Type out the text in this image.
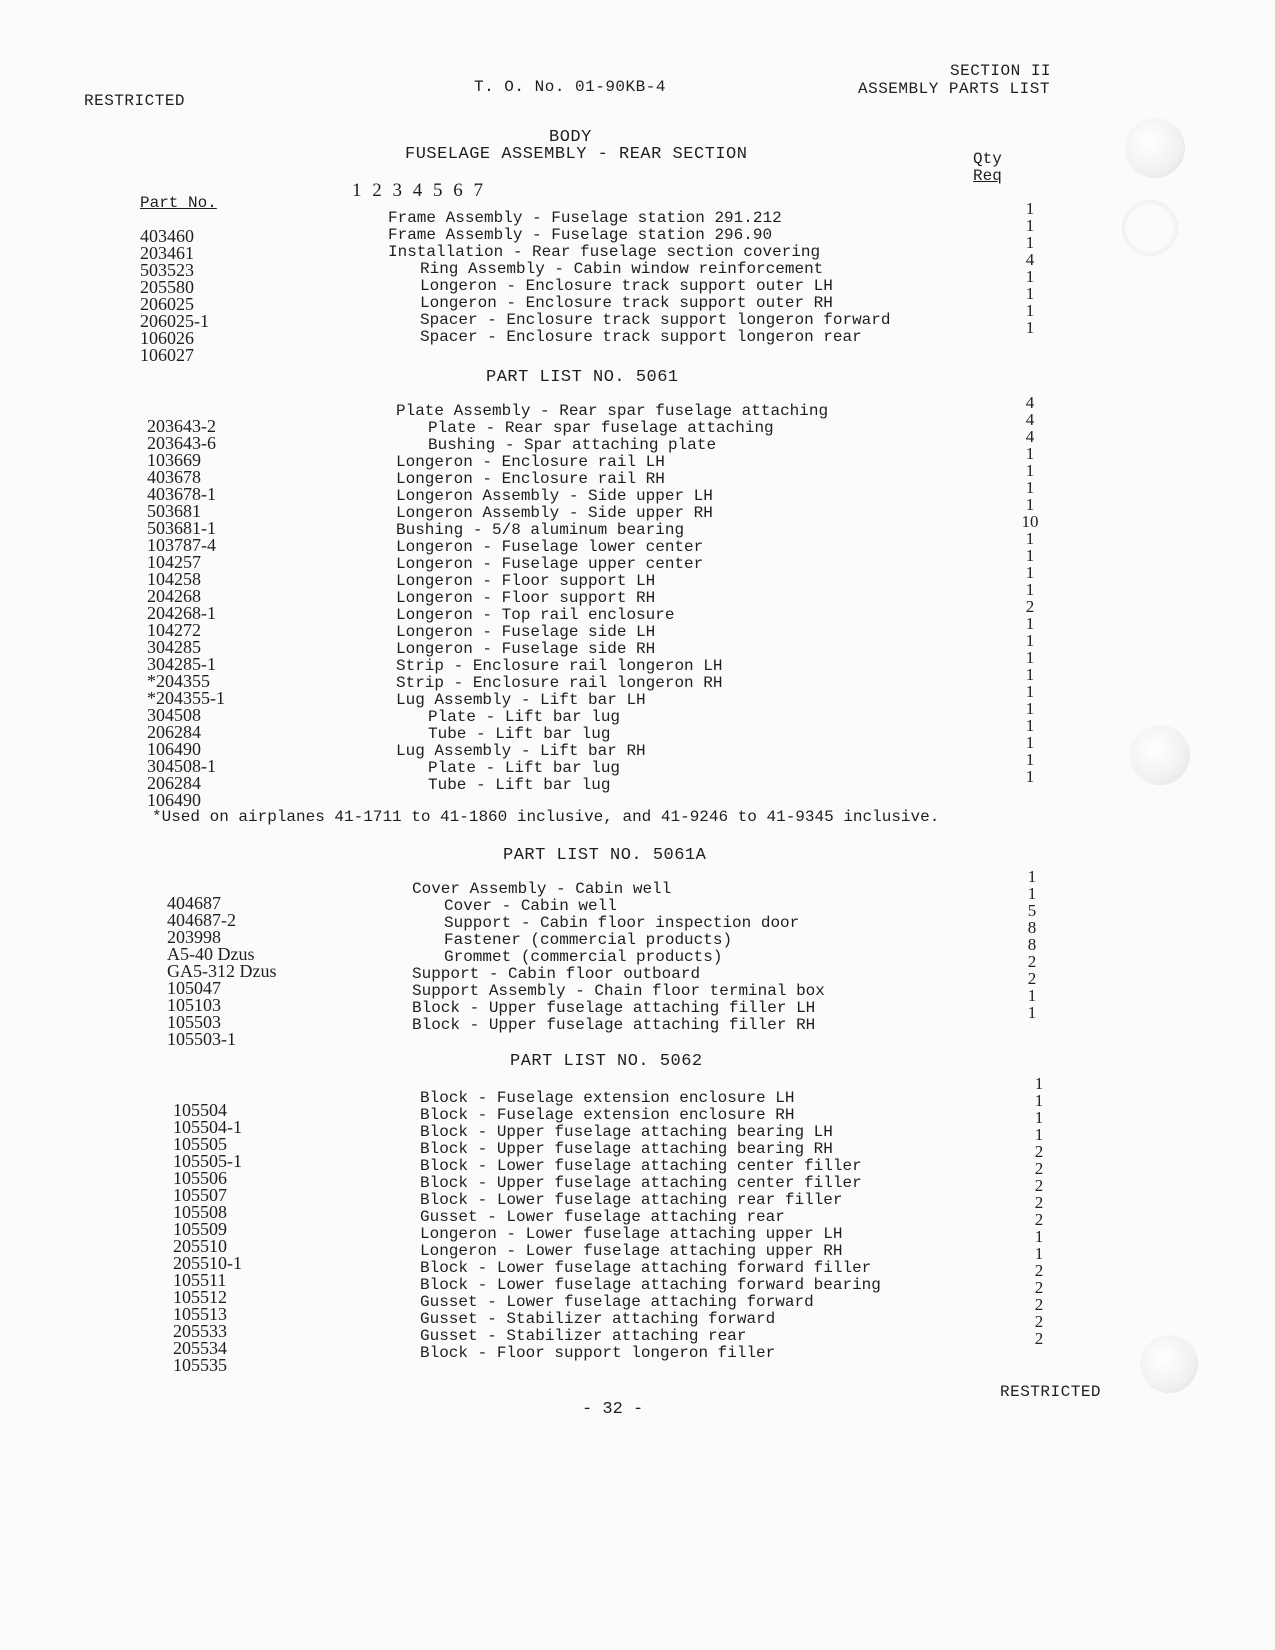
RESTRICTED
T. O. No. 01-90KB-4
SECTION II
ASSEMBLY PARTS LIST
BODY
FUSELAGE ASSEMBLY - REAR SECTION
Part No.
1 2 3 4 5 6 7
Qty
Req
403460
203461
503523
205580
206025
206025-1
106026
106027
Frame Assembly - Fuselage station 291.212
Frame Assembly - Fuselage station 296.90
Installation - Rear fuselage section covering
Ring Assembly - Cabin window reinforcement
Longeron - Enclosure track support outer LH
Longeron - Enclosure track support outer RH
Spacer - Enclosure track support longeron forward
Spacer - Enclosure track support longeron rear
1
1
1
4
1
1
1
1
PART LIST NO. 5061
203643-2
203643-6
103669
403678
403678-1
503681
503681-1
103787-4
104257
104258
204268
204268-1
104272
304285
304285-1
*204355
*204355-1
304508
206284
106490
304508-1
206284
106490
Plate Assembly - Rear spar fuselage attaching
Plate - Rear spar fuselage attaching
Bushing - Spar attaching plate
Longeron - Enclosure rail LH
Longeron - Enclosure rail RH
Longeron Assembly - Side upper LH
Longeron Assembly - Side upper RH
Bushing - 5/8 aluminum bearing
Longeron - Fuselage lower center
Longeron - Fuselage upper center
Longeron - Floor support LH
Longeron - Floor support RH
Longeron - Top rail enclosure
Longeron - Fuselage side LH
Longeron - Fuselage side RH
Strip - Enclosure rail longeron LH
Strip - Enclosure rail longeron RH
Lug Assembly - Lift bar LH
Plate - Lift bar lug
Tube - Lift bar lug
Lug Assembly - Lift bar RH
Plate - Lift bar lug
Tube - Lift bar lug
4
4
4
1
1
1
1
10
1
1
1
1
2
1
1
1
1
1
1
1
1
1
1
*Used on airplanes 41-1711 to 41-1860 inclusive, and 41-9246 to 41-9345 inclusive.
PART LIST NO. 5061A
404687
404687-2
203998
A5-40 Dzus
GA5-312 Dzus
105047
105103
105503
105503-1
Cover Assembly - Cabin well
Cover - Cabin well
Support - Cabin floor inspection door
Fastener (commercial products)
Grommet (commercial products)
Support - Cabin floor outboard
Support Assembly - Chain floor terminal box
Block - Upper fuselage attaching filler LH
Block - Upper fuselage attaching filler RH
1
1
5
8
8
2
2
1
1
PART LIST NO. 5062
105504
105504-1
105505
105505-1
105506
105507
105508
105509
205510
205510-1
105511
105512
105513
205533
205534
105535
Block - Fuselage extension enclosure LH
Block - Fuselage extension enclosure RH
Block - Upper fuselage attaching bearing LH
Block - Upper fuselage attaching bearing RH
Block - Lower fuselage attaching center filler
Block - Upper fuselage attaching center filler
Block - Lower fuselage attaching rear filler
Gusset - Lower fuselage attaching rear
Longeron - Lower fuselage attaching upper LH
Longeron - Lower fuselage attaching upper RH
Block - Lower fuselage attaching forward filler
Block - Lower fuselage attaching forward bearing
Gusset - Lower fuselage attaching forward
Gusset - Stabilizer attaching forward
Gusset - Stabilizer attaching rear
Block - Floor support longeron filler
1
1
1
1
2
2
2
2
2
1
1
2
2
2
2
2
- 32 -
RESTRICTED
